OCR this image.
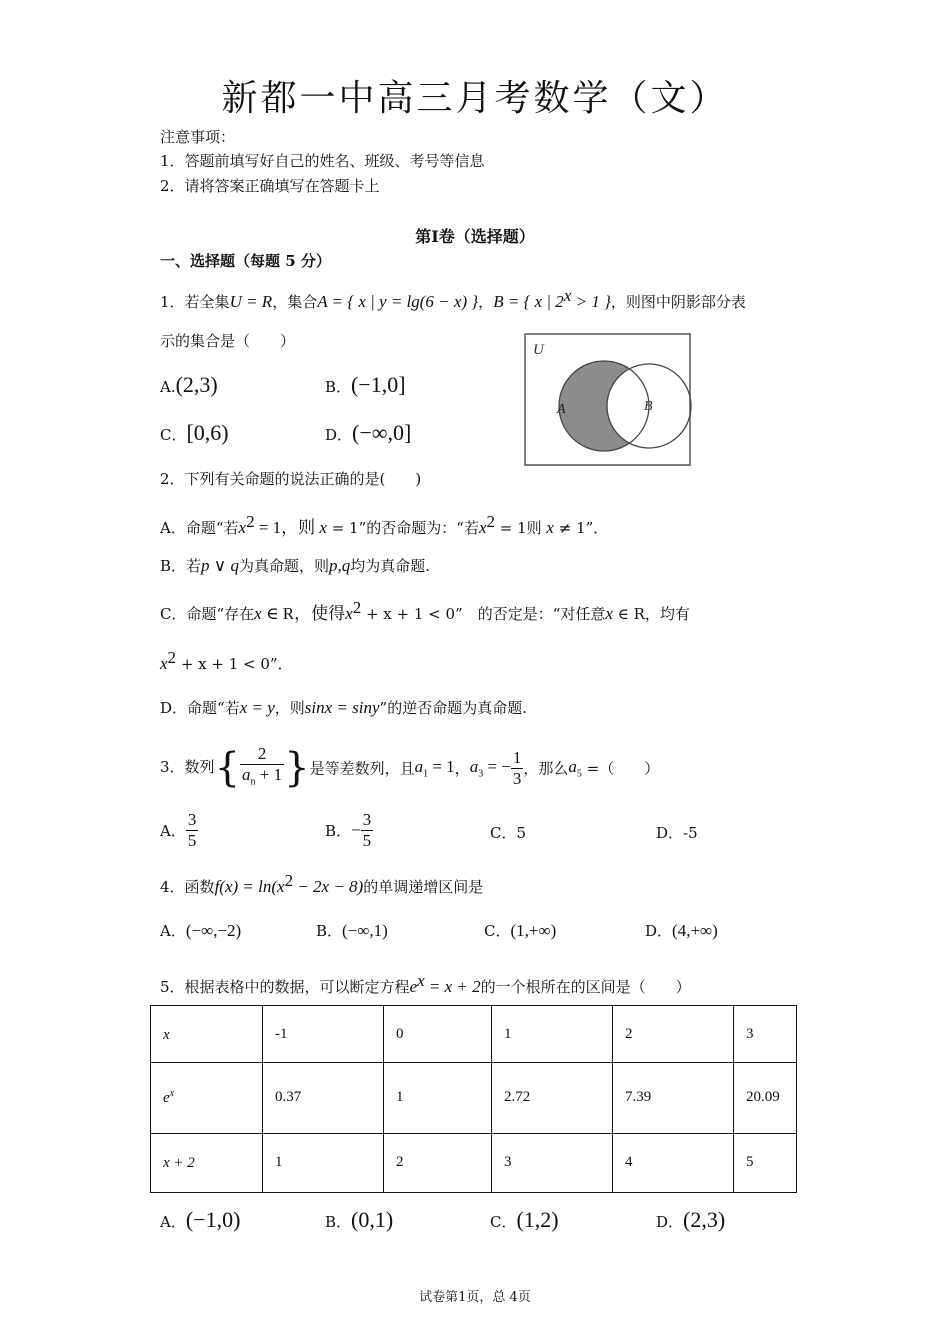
新都一中高三月考数学（文）
注意事项：
1．答题前填写好自己的姓名、班级、考号等信息
2．请将答案正确填写在答题卡上
第Ⅰ卷（选择题）
一、选择题（每题 5 分）
1．若全集U = R，集合A = { x | y = lg(6 − x) }，B = { x | $2^x > 1$ }，则图中阴影部分表
示的集合是（　　）
A.(2,3)	B．(−1,0]
C．[0,6)	D．(−∞,0]
U
A	B
2．下列有关命题的说法正确的是(　　)
A．命题“若$x^2 = 1$，则 x = 1”的否命题为：“若$x^2 = 1$则 x ≠ 1”．
B．若p ∨ q为真命题，则p,q均为真命题.
C．命题“存在x ∈ R，使得$x^2 + x + 1 < 0$”　的否定是：“对任意x ∈ R，均有
$x^2 + x + 1 < 0$”．
D．命题“若x = y，则sinx = siny”的逆否命题为真命题.
3．数列{ $\frac{2}{a_n + 1}$ }是等差数列，且$a_1 = 1$，$a_3$ = − $\frac{1}{3}$ ，那么$a_5$ =（　　）
A． $\frac{3}{5}$	B．− $\frac{3}{5}$	C．5	D．-5
4．函数$f(x) = \ln(x^2 - 2x - 8)$的单调递增区间是
A．(−∞,−2)	B．(−∞,1)	C．(1,+∞)	D．(4,+∞)
5．根据表格中的数据，可以断定方程$e^x = x + 2$的一个根所在的区间是（　　）
x	-1	0	1	2	3
$e^x$	0.37	1	2.72	7.39	20.09
x + 2	1	2	3	4	5
A．(−1,0)	B．(0,1)	C．(1,2)	D．(2,3)
试卷第1页，总 4页
